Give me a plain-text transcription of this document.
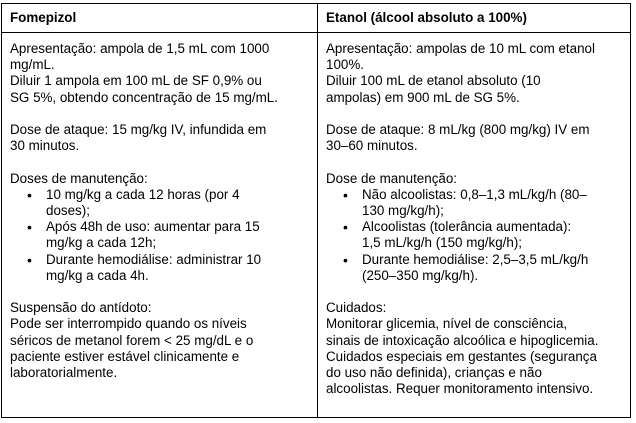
Fomepizol
Apresentação: ampola de 1,5 mL com 1000
mg/mL.
Diluir 1 ampola em 100 mL de SF 0,9% ou
SG 5%, obtendo concentração de 15 mg/mL.
Dose de ataque: 15 mg/kg IV, infundida em
30 minutos.
Doses de manutenção:
• 10 mg/kg a cada 12 horas (por 4
doses);
• Após 48h de uso: aumentar para 15
mg/kg a cada 12h;
• Durante hemodiálise: administrar 10
mg/kg a cada 4h.
Suspensão do antídoto:
Pode ser interrompido quando os níveis
séricos de metanol forem < 25 mg/dL e o
paciente estiver estável clinicamente e
laboratorialmente.
Etanol (álcool absoluto a 100%)
Apresentação: ampolas de 10 mL com etanol
100%.
Diluir 100 mL de etanol absoluto (10
ampolas) em 900 mL de SG 5%.
Dose de ataque: 8 mL/kg (800 mg/kg) IV em
30–60 minutos.
Dose de manutenção:
• Não alcoolistas: 0,8–1,3 mL/kg/h (80–
130 mg/kg/h);
• Alcoolistas (tolerância aumentada):
1,5 mL/kg/h (150 mg/kg/h);
• Durante hemodiálise: 2,5–3,5 mL/kg/h
(250–350 mg/kg/h).
Cuidados:
Monitorar glicemia, nível de consciência,
sinais de intoxicação alcoólica e hipoglicemia.
Cuidados especiais em gestantes (segurança
do uso não definida), crianças e não
alcoolistas. Requer monitoramento intensivo.
